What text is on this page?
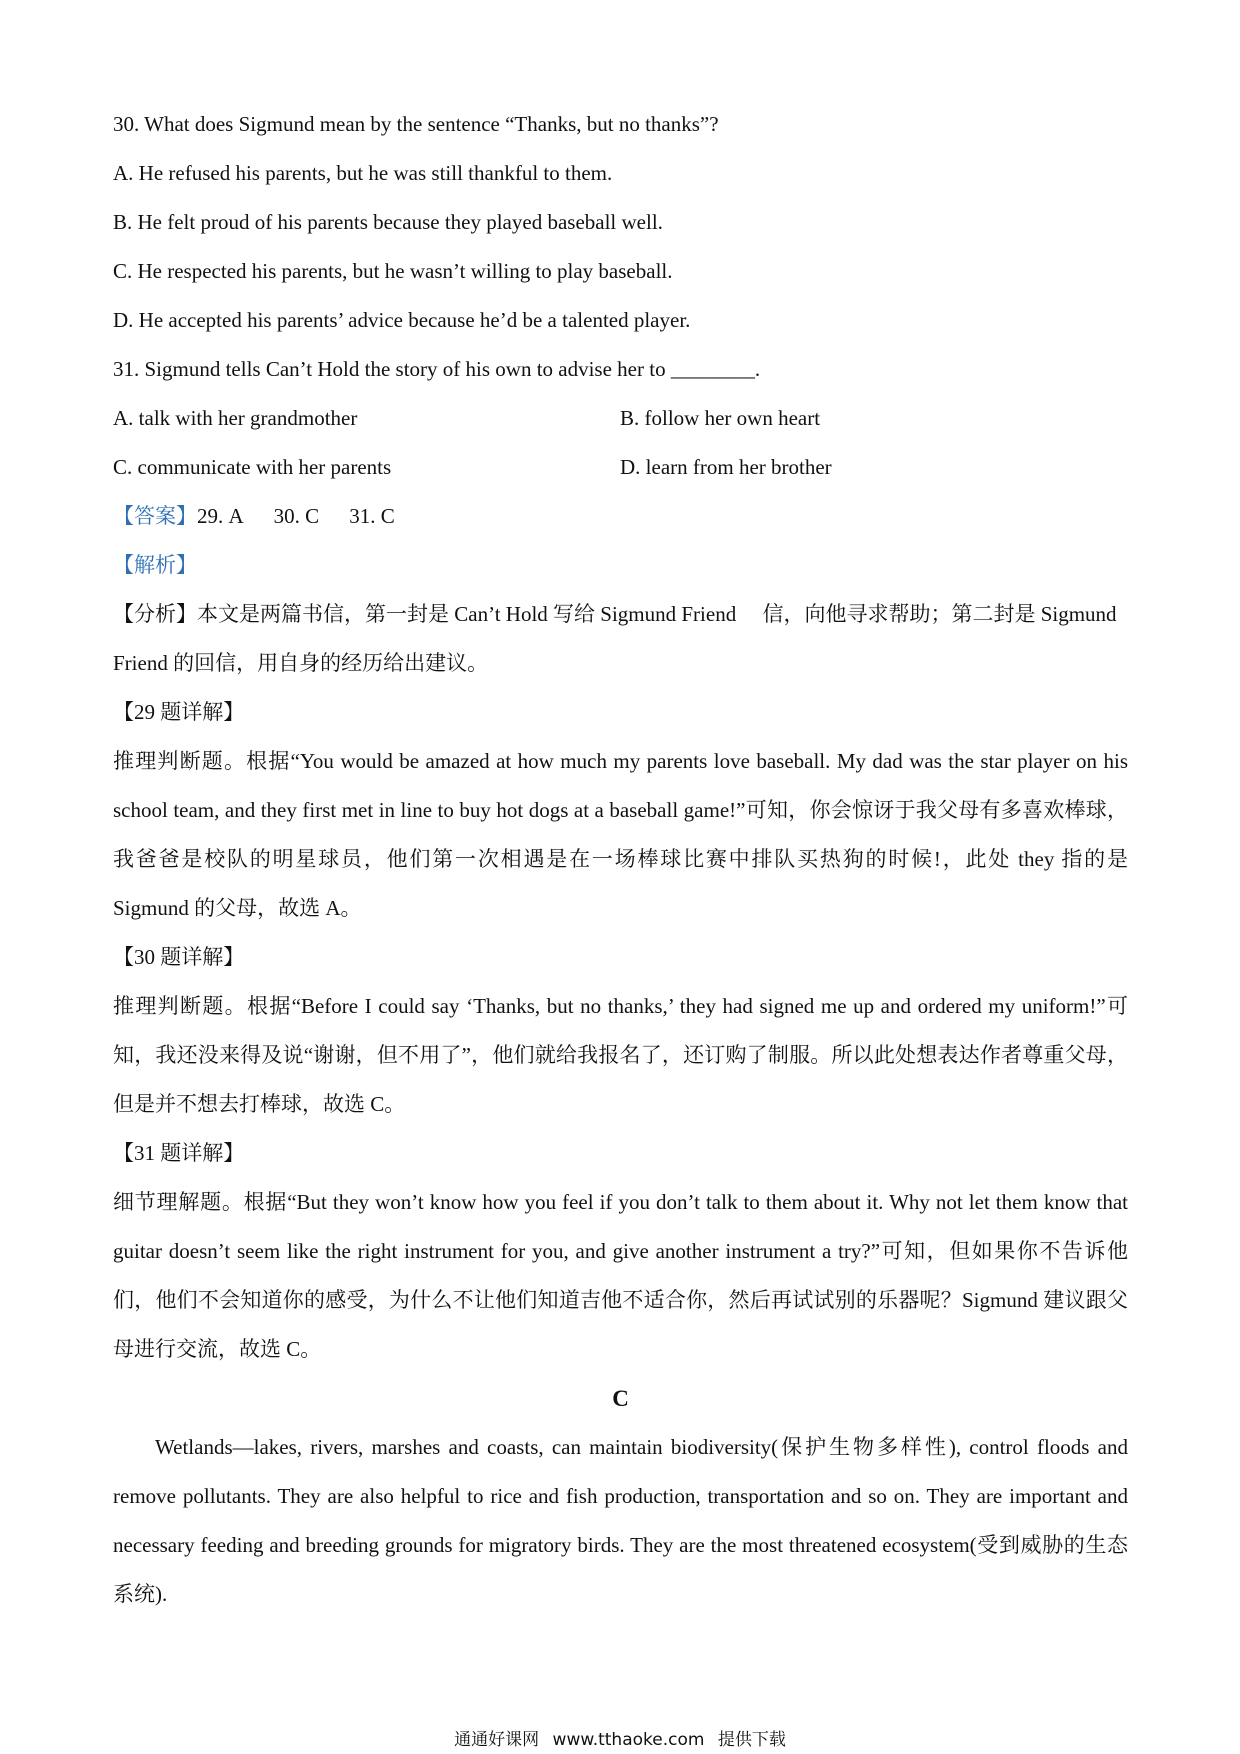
30. What does Sigmund mean by the sentence “Thanks, but no thanks”?
A. He refused his parents, but he was still thankful to them.
B. He felt proud of his parents because they played baseball well.
C. He respected his parents, but he wasn’t willing to play baseball.
D. He accepted his parents’ advice because he’d be a talented player.
31. Sigmund tells Can’t Hold the story of his own to advise her to ________.
A. talk with her grandmother	B. follow her own heart
C. communicate with her parents	D. learn from her brother
【答案】29. A 30. C 31. C
【解析】
【分析】本文是两篇书信，第一封是 Can’t Hold 写给 Sigmund Friend 　信，向他寻求帮助；第二封是 Sigmund
Friend 的回信，用自身的经历给出建议。
【29 题详解】
推理判断题。根据“You would be amazed at how much my parents love baseball. My dad was the star player on his school team, and they first met in line to buy hot dogs at a baseball game!”可知，你会惊讶于我父母有多喜欢棒球，我爸爸是校队的明星球员，他们第一次相遇是在一场棒球比赛中排队买热狗的时候!，此处 they 指的是 Sigmund 的父母，故选 A。
【30 题详解】
推理判断题。根据“Before I could say ‘Thanks, but no thanks,’ they had signed me up and ordered my uniform!”可知，我还没来得及说“谢谢，但不用了”，他们就给我报名了，还订购了制服。所以此处想表达作者尊重父母，但是并不想去打棒球，故选 C。
【31 题详解】
细节理解题。根据“But they won’t know how you feel if you don’t talk to them about it. Why not let them know that guitar doesn’t seem like the right instrument for you, and give another instrument a try?”可知，但如果你不告诉他们，他们不会知道你的感受，为什么不让他们知道吉他不适合你，然后再试试别的乐器呢？Sigmund 建议跟父母进行交流，故选 C。
C
Wetlands—lakes, rivers, marshes and coasts, can maintain biodiversity(保护生物多样性), control floods and remove pollutants. They are also helpful to rice and fish production, transportation and so on. They are important and necessary feeding and breeding grounds for migratory birds. They are the most threatened ecosystem(受到威胁的生态系统).
通通好课网 www.tthaoke.com 提供下载
